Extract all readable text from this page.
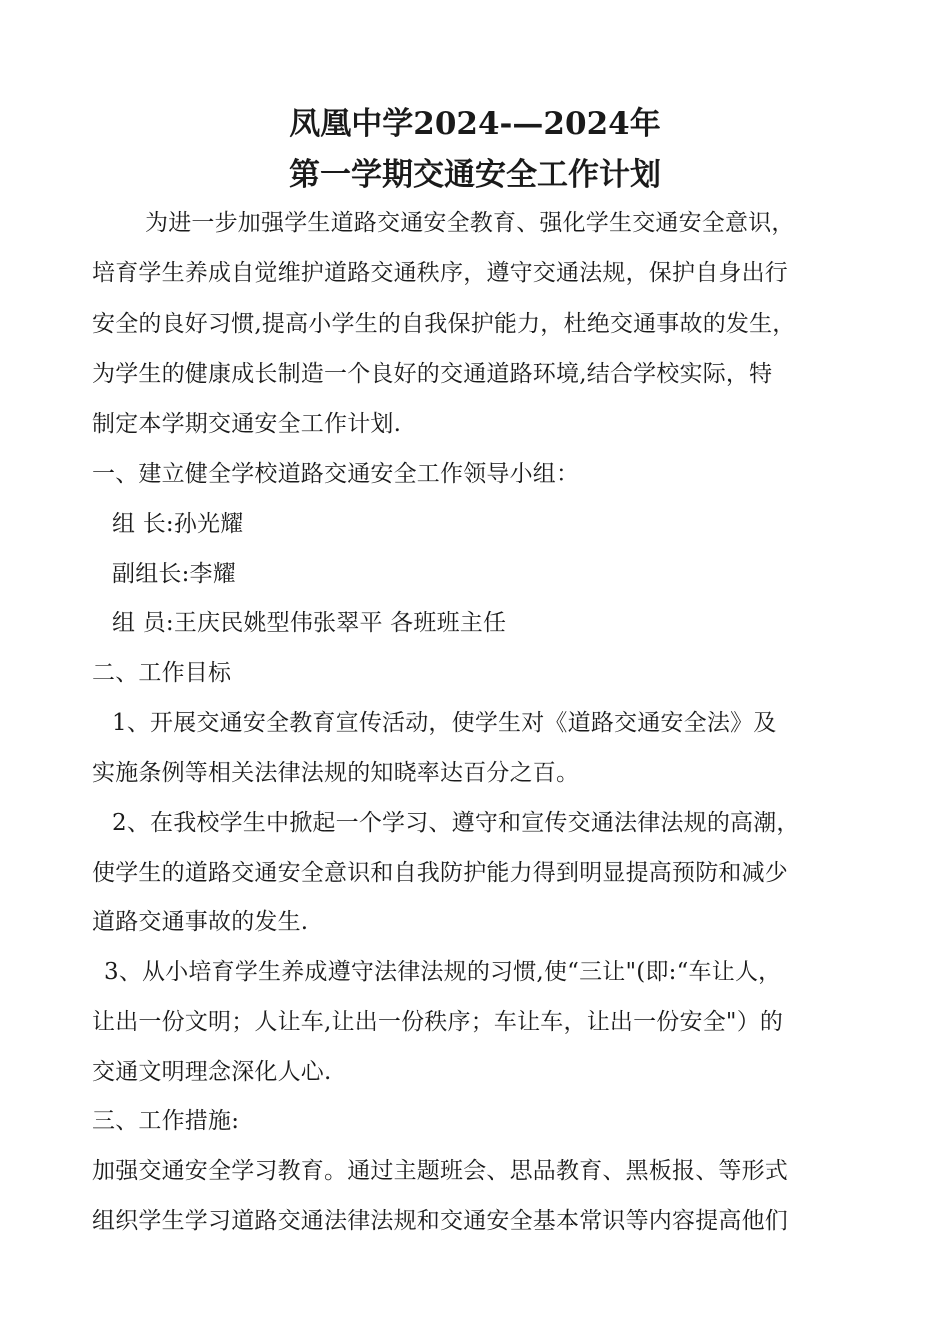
凤凰中学2024-—2024年
第一学期交通安全工作计划
为进一步加强学生道路交通安全教育、强化学生交通安全意识，
培育学生养成自觉维护道路交通秩序，遵守交通法规，保护自身出行
安全的良好习惯,提高小学生的自我保护能力，杜绝交通事故的发生，
为学生的健康成长制造一个良好的交通道路环境,结合学校实际，特
制定本学期交通安全工作计划.
一、建立健全学校道路交通安全工作领导小组：
组 长:孙光耀
副组长:李耀
组 员:王庆民姚型伟张翠平 各班班主任
二、工作目标
1、开展交通安全教育宣传活动，使学生对《道路交通安全法》及
实施条例等相关法律法规的知晓率达百分之百。
2、在我校学生中掀起一个学习、遵守和宣传交通法律法规的高潮，
使学生的道路交通安全意识和自我防护能力得到明显提高预防和减少
道路交通事故的发生.
3、从小培育学生养成遵守法律法规的习惯,使“三让"(即:“车让人，
让出一份文明；人让车,让出一份秩序；车让车，让出一份安全"）的
交通文明理念深化人心.
三、工作措施:
加强交通安全学习教育。通过主题班会、思品教育、黑板报、等形式
组织学生学习道路交通法律法规和交通安全基本常识等内容提高他们
